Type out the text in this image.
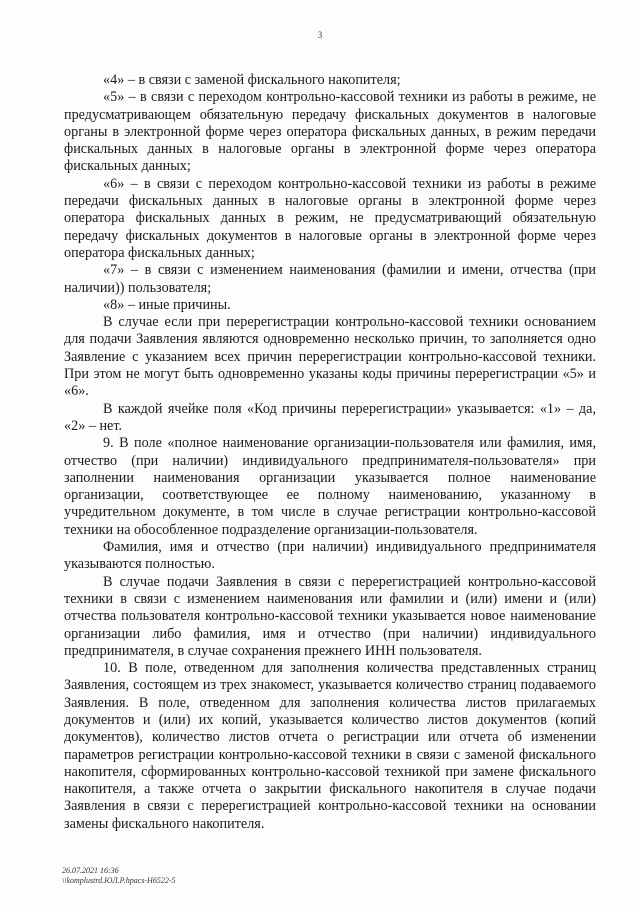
3

«4» – в связи с заменой фискального накопителя;

«5» – в связи с переходом контрольно-кассовой техники из работы в режиме, не предусматривающем обязательную передачу фискальных документов в налоговые органы в электронной форме через оператора фискальных данных, в режим передачи фискальных данных в налоговые органы в электронной форме через оператора фискальных данных;

«6» – в связи с переходом контрольно-кассовой техники из работы в режиме передачи фискальных данных в налоговые органы в электронной форме через оператора фискальных данных в режим, не предусматривающий обязательную передачу фискальных документов в налоговые органы в электронной форме через оператора фискальных данных;

«7» – в связи с изменением наименования (фамилии и имени, отчества (при наличии)) пользователя;

«8» – иные причины.

В случае если при перерегистрации контрольно-кассовой техники основанием для подачи Заявления являются одновременно несколько причин, то заполняется одно Заявление с указанием всех причин перерегистрации контрольно-кассовой техники. При этом не могут быть одновременно указаны коды причины перерегистрации «5» и «6».

В каждой ячейке поля «Код причины перерегистрации» указывается: «1» – да, «2» – нет.

9. В поле «полное наименование организации-пользователя или фамилия, имя, отчество (при наличии) индивидуального предпринимателя-пользователя» при заполнении наименования организации указывается полное наименование организации, соответствующее ее полному наименованию, указанному в учредительном документе, в том числе в случае регистрации контрольно-кассовой техники на обособленное подразделение организации-пользователя.

Фамилия, имя и отчество (при наличии) индивидуального предпринимателя указываются полностью.

В случае подачи Заявления в связи с перерегистрацией контрольно-кассовой техники в связи с изменением наименования или фамилии и (или) имени и (или) отчества пользователя контрольно-кассовой техники указывается новое наименование организации либо фамилия, имя и отчество (при наличии) индивидуального предпринимателя, в случае сохранения прежнего ИНН пользователя.

10. В поле, отведенном для заполнения количества представленных страниц Заявления, состоящем из трех знакомест, указывается количество страниц подаваемого Заявления. В поле, отведенном для заполнения количества листов прилагаемых документов и (или) их копий, указывается количество листов документов (копий документов), количество листов отчета о регистрации или отчета об изменении параметров регистрации контрольно-кассовой техники в связи с заменой фискального накопителя, сформированных контрольно-кассовой техникой при замене фискального накопителя, а также отчета о закрытии фискального накопителя в случае подачи Заявления в связи с перерегистрацией контрольно-кассовой техники на основании замены фискального накопителя.

26.07.2021 16:36
\\komplustrd.ЮЛ.Р.hpacs-H6522-5
